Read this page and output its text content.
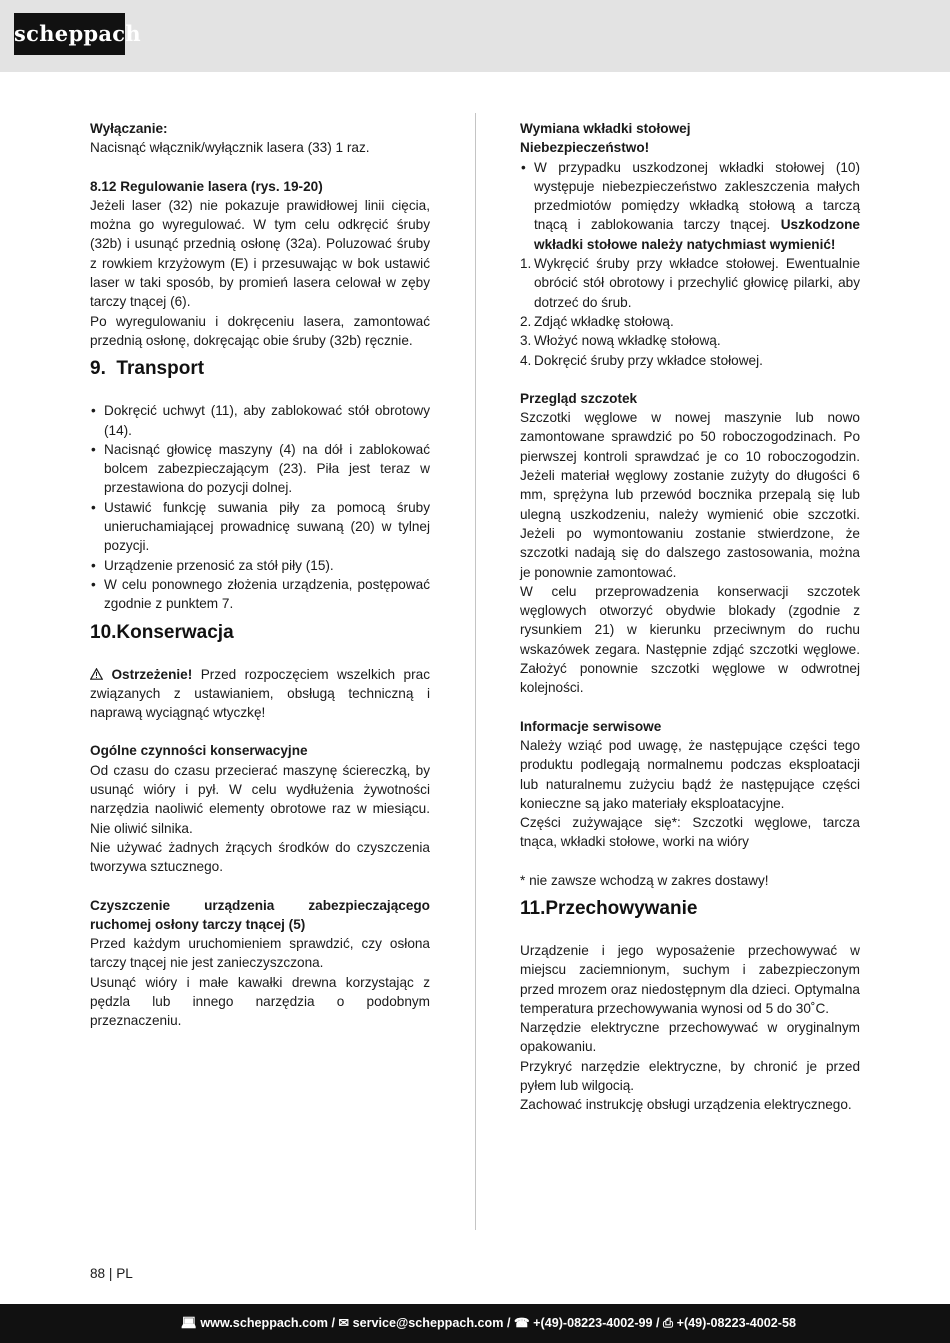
scheppach

Wyłączanie:

Nacisnąć włącznik/wyłącznik lasera (33) 1 raz.

8.12 Regulowanie lasera (rys. 19-20)

Jeżeli laser (32) nie pokazuje prawidłowej linii cięcia, można go wyregulować. W tym celu odkręcić śruby (32b) i usunąć przednią osłonę (32a). Poluzować śruby z rowkiem krzyżowym (E) i przesuwając w bok ustawić laser w taki sposób, by promień lasera celował w zęby tarczy tnącej (6).

Po wyregulowaniu i dokręceniu lasera, zamontować przednią osłonę, dokręcając obie śruby (32b) ręcznie.

9. Transport
• Dokręcić uchwyt (11), aby zablokować stół obrotowy (14).
• Nacisnąć głowicę maszyny (4) na dół i zablokować bolcem zabezpieczającym (23). Piła jest teraz w przestawiona do pozycji dolnej.
• Ustawić funkcję suwania piły za pomocą śruby unieruchamiającej prowadnicę suwaną (20) w tylnej pozycji.
• Urządzenie przenosić za stół piły (15).
• W celu ponownego złożenia urządzenia, postępować zgodnie z punktem 7.
10.Konserwacja

Ostrzeżenie! Przed rozpoczęciem wszelkich prac związanych z ustawianiem, obsługą techniczną i naprawą wyciągnąć wtyczkę!

Ogólne czynności konserwacyjne

Od czasu do czasu przecierać maszynę ściereczką, by usunąć wióry i pył. W celu wydłużenia żywotności narzędzia naoliwić elementy obrotowe raz w miesiącu. Nie oliwić silnika.

Nie używać żadnych żrących środków do czyszczenia tworzywa sztucznego.

Czyszczenie urządzenia zabezpieczającego ruchomej osłony tarczy tnącej (5)

Przed każdym uruchomieniem sprawdzić, czy osłona tarczy tnącej nie jest zanieczyszczona.

Usunąć wióry i małe kawałki drewna korzystając z pędzla lub innego narzędzia o podobnym przeznaczeniu.

Wymiana wkładki stołowej

Niebezpieczeństwo!

• W przypadku uszkodzonej wkładki stołowej (10) występuje niebezpieczeństwo zakleszczenia małych przedmiotów pomiędzy wkładką stołową a tarczą tnącą i zablokowania tarczy tnącej. Uszkodzone wkładki stołowe należy natychmiast wymienić!
1. Wykręcić śruby przy wkładce stołowej. Ewentualnie obrócić stół obrotowy i przechylić głowicę pilarki, aby dotrzeć do śrub.
2. Zdjąć wkładkę stołową.
3. Włożyć nową wkładkę stołową.
4. Dokręcić śruby przy wkładce stołowej.

Przegląd szczotek

Szczotki węglowe w nowej maszynie lub nowo zamontowane sprawdzić po 50 roboczogodzinach. Po pierwszej kontroli sprawdzać je co 10 roboczogodzin. Jeżeli materiał węglowy zostanie zużyty do długości 6 mm, sprężyna lub przewód bocznika przepalą się lub ulegną uszkodzeniu, należy wymienić obie szczotki. Jeżeli po wymontowaniu zostanie stwierdzone, że szczotki nadają się do dalszego zastosowania, można je ponownie zamontować.

W celu przeprowadzenia konserwacji szczotek węglowych otworzyć obydwie blokady (zgodnie z rysunkiem 21) w kierunku przeciwnym do ruchu wskazówek zegara. Następnie zdjąć szczotki węglowe. Założyć ponownie szczotki węglowe w odwrotnej kolejności.

Informacje serwisowe

Należy wziąć pod uwagę, że następujące części tego produktu podlegają normalnemu podczas eksploatacji lub naturalnemu zużyciu bądź że następujące części konieczne są jako materiały eksploatacyjne.

Części zużywające się*: Szczotki węglowe, tarcza tnąca, wkładki stołowe, worki na wióry

* nie zawsze wchodzą w zakres dostawy!

11.Przechowywanie

Urządzenie i jego wyposażenie przechowywać w miejscu zaciemnionym, suchym i zabezpieczonym przed mrozem oraz niedostępnym dla dzieci. Optymalna temperatura przechowywania wynosi od 5 do 30˚C.

Narzędzie elektryczne przechowywać w oryginalnym opakowaniu.

Przykryć narzędzie elektryczne, by chronić je przed pyłem lub wilgocią.

Zachować instrukcję obsługi urządzenia elektrycznego.

88 | PL
💻︎ www.scheppach.com / ✉︎ service@scheppach.com / ☎︎ +(49)-08223-4002-99 / ⎙ +(49)-08223-4002-58
